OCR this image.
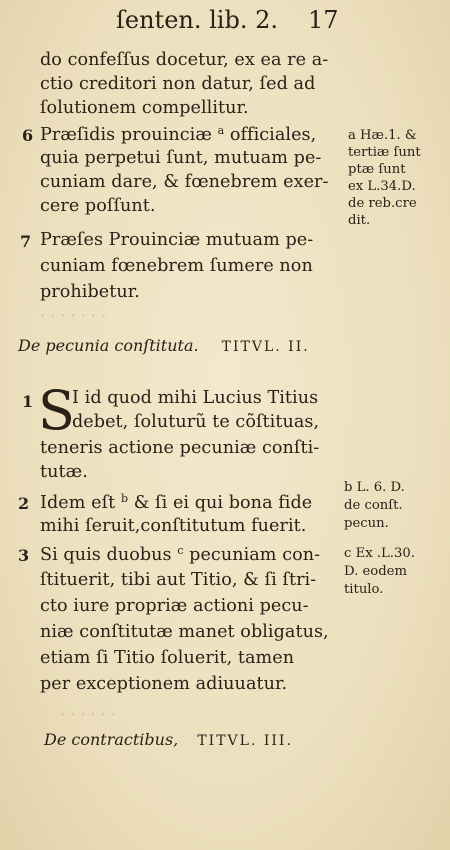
· · · · · · ·
· · · · · ·
ſenten. lib. 2. 17
do confeſſus docetur, ex ea re a-
ctio creditori non datur, ſed ad
ſolutionem compellitur.
6 Præſidis prouinciæ $^a$ officiales,
quia perpetui ſunt, mutuam pe-
cuniam dare, & fœnebrem exer-
cere poſſunt.
7 Præſes Prouinciæ mutuam pe-
cuniam fœnebrem ſumere non
prohibetur.
a Hæ.1. &
tertiæ ſunt
ptæ ſunt
ex L.34.D.
de reb.cre
dit.
De pecunia conſtituta. TITVL. II.
1 S
I id quod mihi Lucius Titius
debet, ſoluturũ te cõſtituas,
teneris actione pecuniæ conſti-
tutæ.
2 Idem eſt $^b$ & ſi ei qui bona fide
mihi ſeruit,conſtitutum fuerit.
3 Si quis duobus $^c$ pecuniam con-
ſtituerit, tibi aut Titio, & ſi ſtri-
cto iure propriæ actioni pecu-
niæ conſtitutæ manet obligatus,
etiam ſi Titio ſoluerit, tamen
per exceptionem adiuuatur.
b L. 6. D.
de conſt.
pecun.
c Ex .L.30.
D. eodem
titulo.
De contractibus, TITVL. III.
